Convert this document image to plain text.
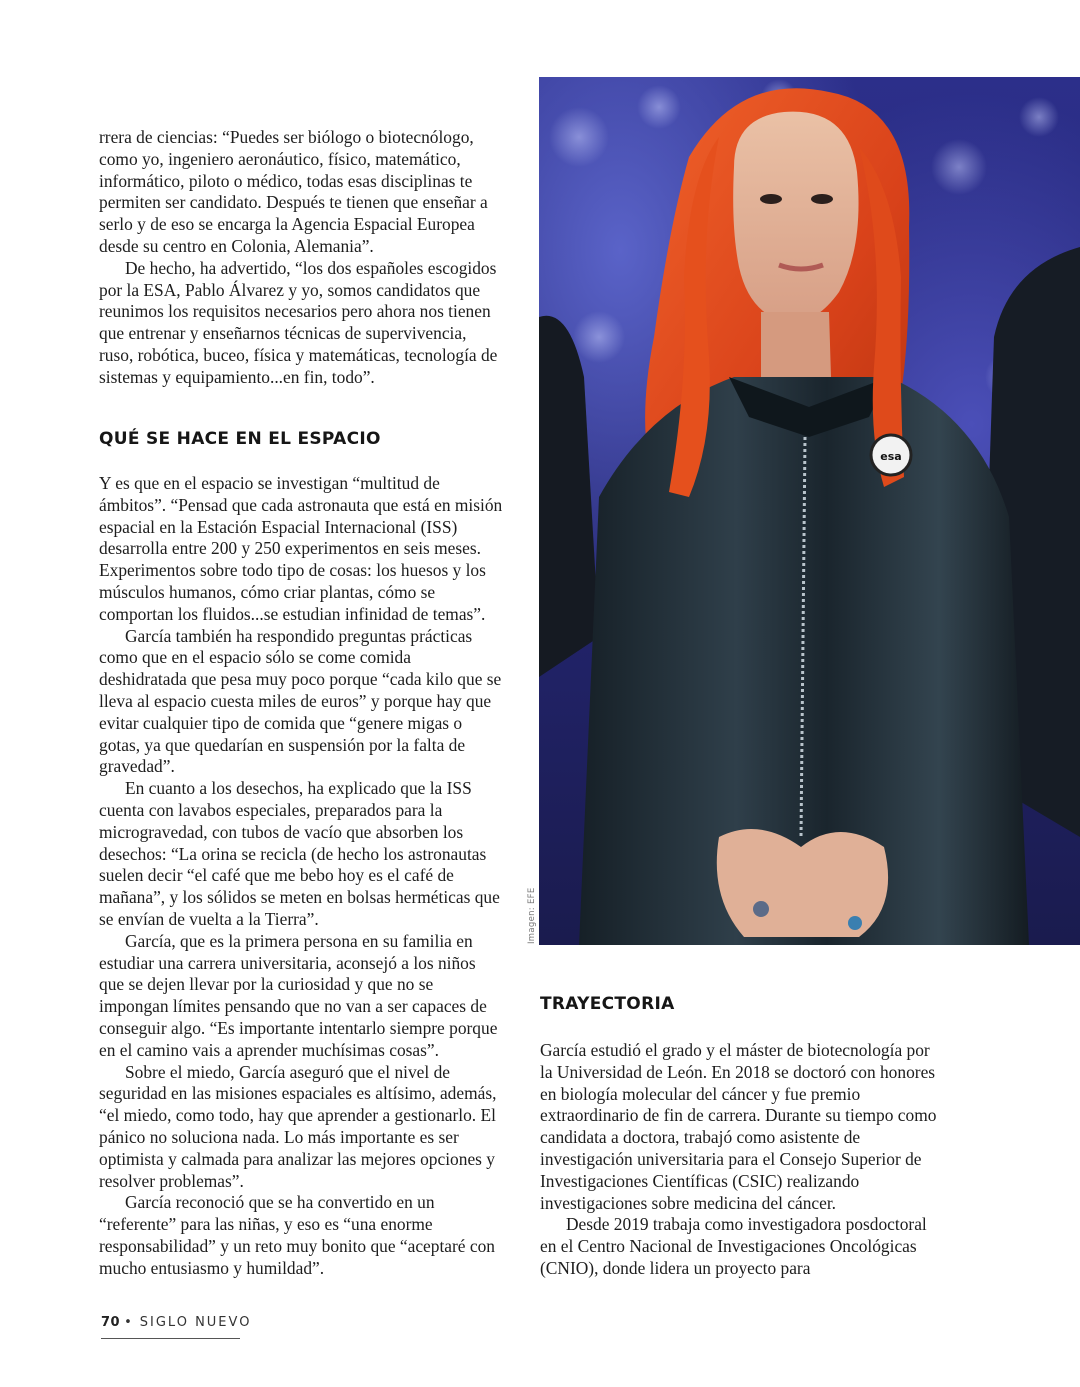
rrera de ciencias: “Puedes ser biólogo o biotecnólogo, como yo, ingeniero aeronáutico, físico, matemático, informático, piloto o médico, todas esas disciplinas te permiten ser candidato. Después te tienen que enseñar a serlo y de eso se encarga la Agencia Espacial Europea desde su centro en Colonia, Alemania”.

De hecho, ha advertido, “los dos españoles escogidos por la ESA, Pablo Álvarez y yo, somos candidatos que reunimos los requisitos necesarios pero ahora nos tienen que entrenar y enseñarnos técnicas de supervivencia, ruso, robótica, buceo, física y matemáticas, tecnología de sistemas y equipamiento...en fin, todo”.

QUÉ SE HACE EN EL ESPACIO

Y es que en el espacio se investigan “multitud de ámbitos”. “Pensad que cada astronauta que está en misión espacial en la Estación Espacial Internacional (ISS) desarrolla entre 200 y 250 experimentos en seis meses. Experimentos sobre todo tipo de cosas: los huesos y los músculos humanos, cómo criar plantas, cómo se comportan los fluidos...se estudian infinidad de temas”.

García también ha respondido preguntas prácticas como que en el espacio sólo se come comida deshidratada que pesa muy poco porque “cada kilo que se lleva al espacio cuesta miles de euros” y porque hay que evitar cualquier tipo de comida que “genere migas o gotas, ya que quedarían en suspensión por la falta de gravedad”.

En cuanto a los desechos, ha explicado que la ISS cuenta con lavabos especiales, preparados para la microgravedad, con tubos de vacío que absorben los desechos: “La orina se recicla (de hecho los astronautas suelen decir “el café que me bebo hoy es el café de mañana”, y los sólidos se meten en bolsas herméticas que se envían de vuelta a la Tierra”.

García, que es la primera persona en su familia en estudiar una carrera universitaria, aconsejó a los niños que se dejen llevar por la curiosidad y que no se impongan límites pensando que no van a ser capaces de conseguir algo. “Es importante intentarlo siempre porque en el camino vais a aprender muchísimas cosas”.

Sobre el miedo, García aseguró que el nivel de seguridad en las misiones espaciales es altísimo, además, “el miedo, como todo, hay que aprender a gestionarlo. El pánico no soluciona nada. Lo más importante es ser optimista y calmada para analizar las mejores opciones y resolver problemas”.

García reconoció que se ha convertido en un “referente” para las niñas, y eso es “una enorme responsabilidad” y un reto muy bonito que “aceptaré con mucho entusiasmo y humildad”.

esa
Imagen: EFE
TRAYECTORIA

García estudió el grado y el máster de biotecnología por la Universidad de León. En 2018 se doctoró con honores en biología molecular del cáncer y fue premio extraordinario de fin de carrera. Durante su tiempo como candidata a doctora, trabajó como asistente de investigación universitaria para el Consejo Superior de Investigaciones Científicas (CSIC) realizando investigaciones sobre medicina del cáncer.

Desde 2019 trabaja como investigadora posdoctoral en el Centro Nacional de Investigaciones Oncológicas (CNIO), donde lidera un proyecto para

70 • SIGLO NUEVO
